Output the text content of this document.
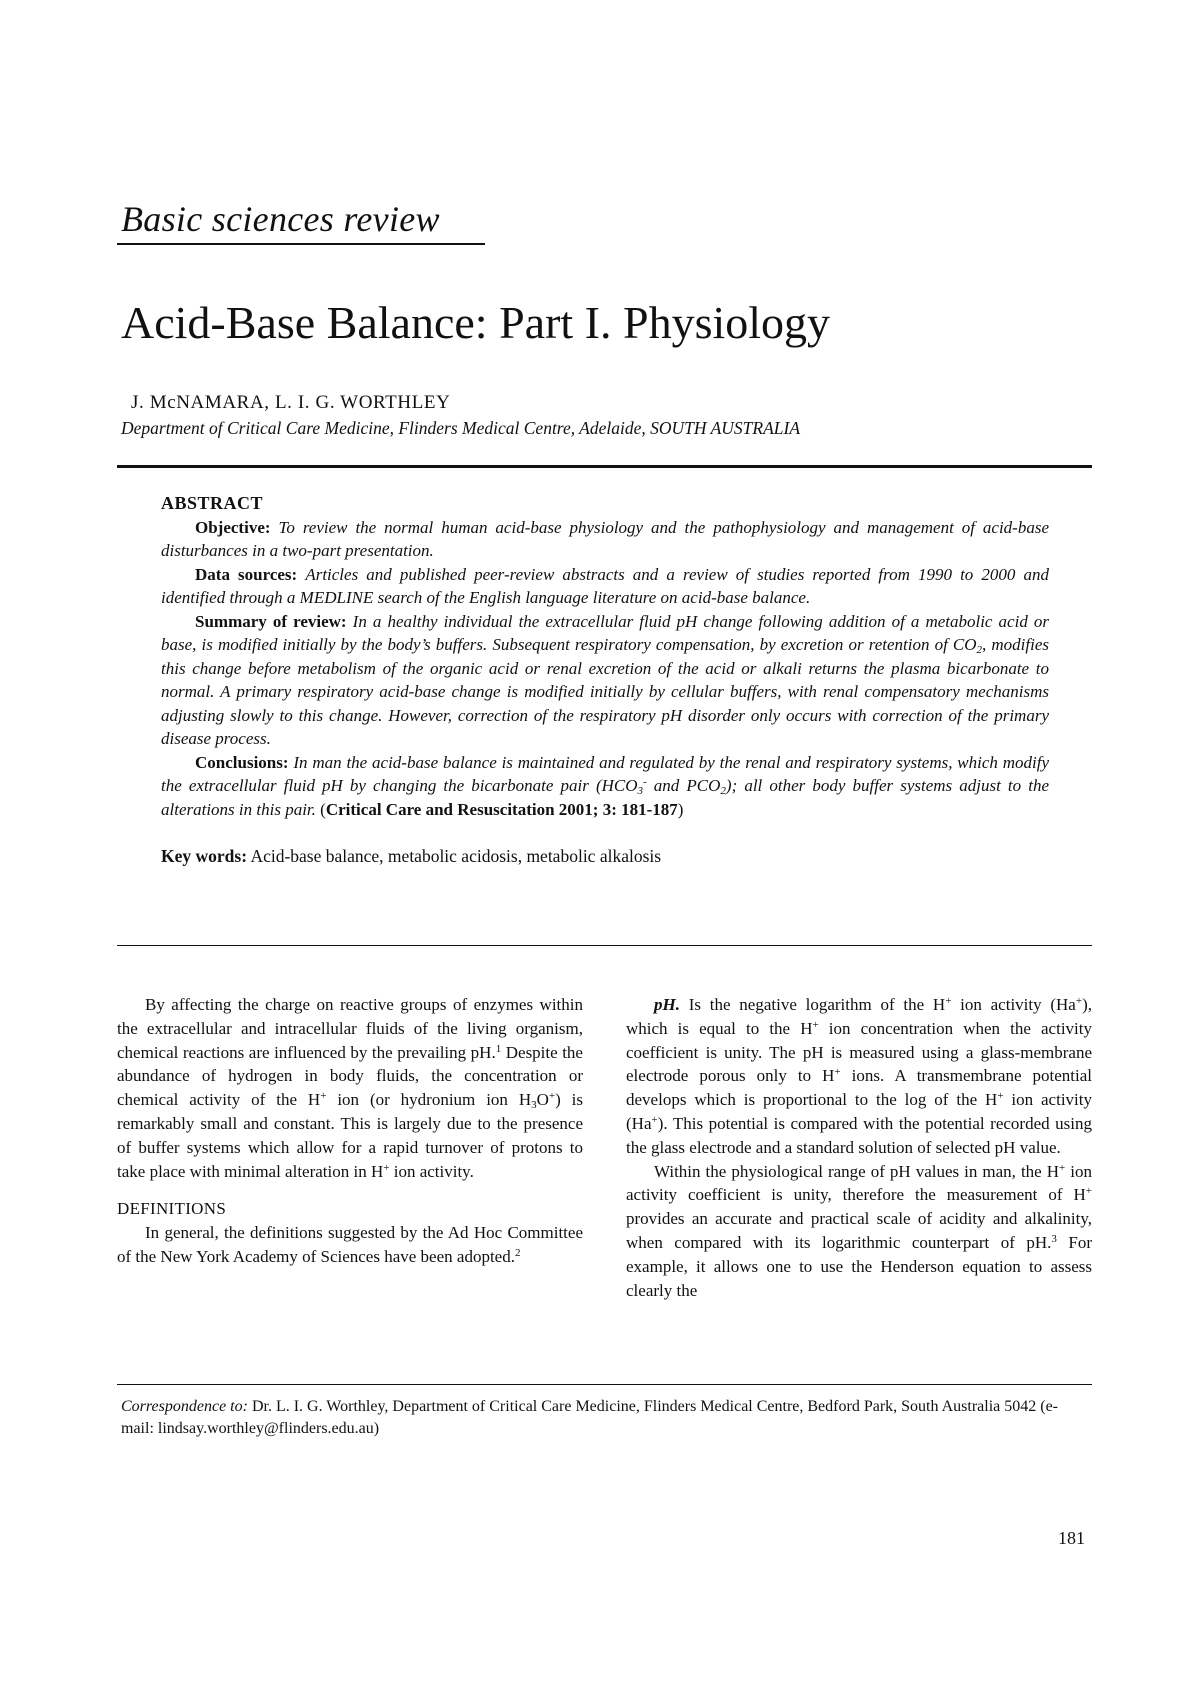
Basic sciences review
Acid-Base Balance: Part I. Physiology
J. McNAMARA, L. I. G. WORTHLEY
Department of Critical Care Medicine, Flinders Medical Centre, Adelaide, SOUTH AUSTRALIA
ABSTRACT

Objective: To review the normal human acid-base physiology and the pathophysiology and management of acid-base disturbances in a two-part presentation.

Data sources: Articles and published peer-review abstracts and a review of studies reported from 1990 to 2000 and identified through a MEDLINE search of the English language literature on acid-base balance.

Summary of review: In a healthy individual the extracellular fluid pH change following addition of a metabolic acid or base, is modified initially by the body’s buffers. Subsequent respiratory compensation, by excretion or retention of $CO_2$, modifies this change before metabolism of the organic acid or renal excretion of the acid or alkali returns the plasma bicarbonate to normal. A primary respiratory acid-base change is modified initially by cellular buffers, with renal compensatory mechanisms adjusting slowly to this change. However, correction of the respiratory pH disorder only occurs with correction of the primary disease process.

Conclusions: In man the acid-base balance is maintained and regulated by the renal and respiratory systems, which modify the extracellular fluid pH by changing the bicarbonate pair ($HCO_3^-$ and $PCO_2$); all other body buffer systems adjust to the alterations in this pair. (Critical Care and Resuscitation 2001; 3: 181-187)

Key words: Acid-base balance, metabolic acidosis, metabolic alkalosis

By affecting the charge on reactive groups of enzymes within the extracellular and intracellular fluids of the living organism, chemical reactions are influenced by the prevailing pH.$^1$ Despite the abundance of hydrogen in body fluids, the concentration or chemical activity of the H+ ion (or hydronium ion $H_3O^+$) is remarkably small and constant. This is largely due to the presence of buffer systems which allow for a rapid turnover of protons to take place with minimal alteration in H+ ion activity.

DEFINITIONS

In general, the definitions suggested by the Ad Hoc Committee of the New York Academy of Sciences have been adopted.$^2$

pH. Is the negative logarithm of the H+ ion activity (Ha+), which is equal to the H+ ion concentration when the activity coefficient is unity. The pH is measured using a glass-membrane electrode porous only to H+ ions. A transmembrane potential develops which is proportional to the log of the H+ ion activity (Ha+). This potential is compared with the potential recorded using the glass electrode and a standard solution of selected pH value.

Within the physiological range of pH values in man, the H+ ion activity coefficient is unity, therefore the measurement of H+ provides an accurate and practical scale of acidity and alkalinity, when compared with its logarithmic counterpart of pH.$^3$ For example, it allows one to use the Henderson equation to assess clearly the

Correspondence to: Dr. L. I. G. Worthley, Department of Critical Care Medicine, Flinders Medical Centre, Bedford Park, South Australia 5042 (e-mail: lindsay.worthley@flinders.edu.au)
181
